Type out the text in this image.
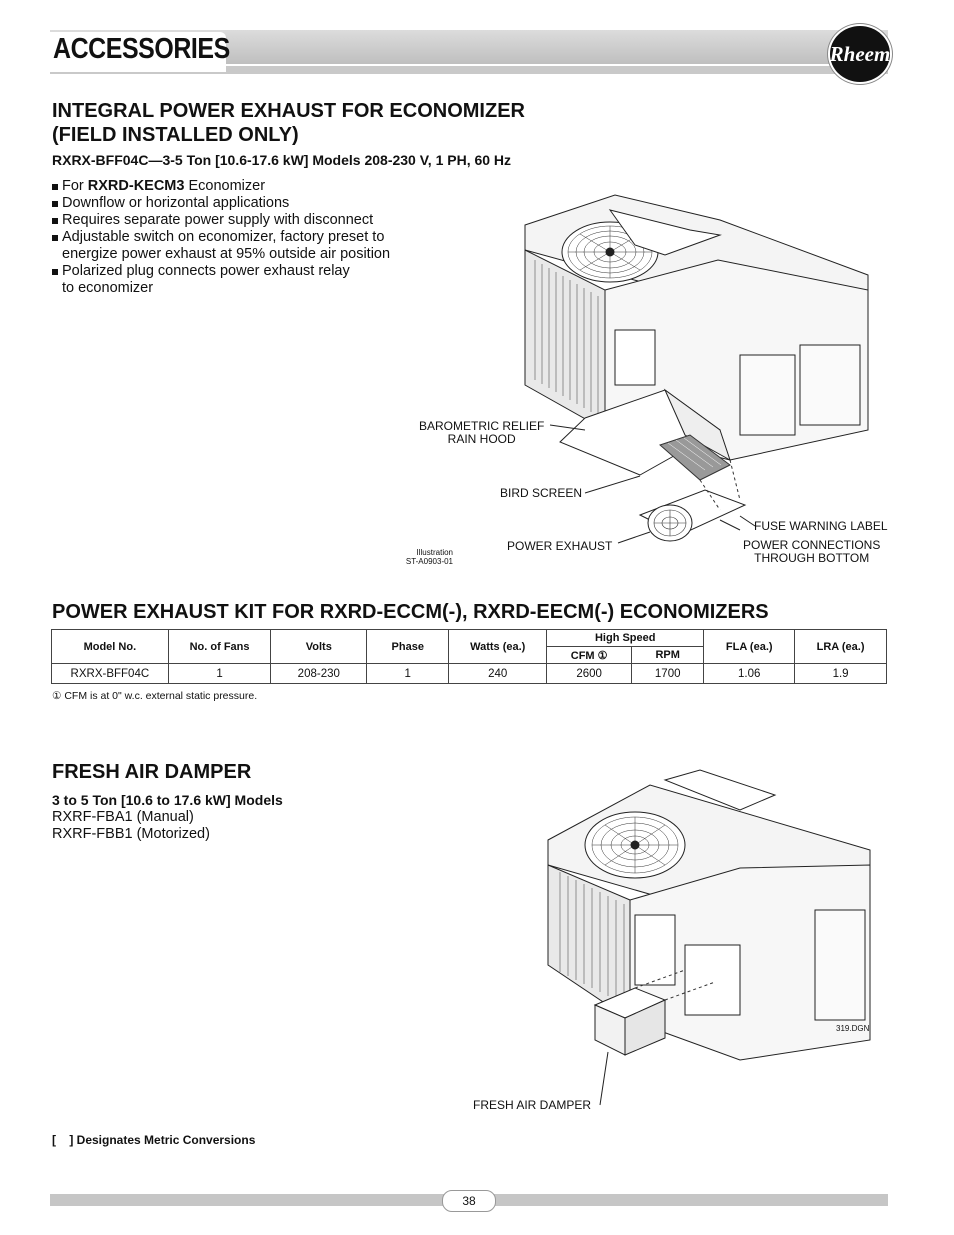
ACCESSORIES	Rheem
INTEGRAL POWER EXHAUST FOR ECONOMIZER
(FIELD INSTALLED ONLY)
RXRX-BFF04C—3-5 Ton [10.6-17.6 kW] Models 208-230 V, 1 PH, 60 Hz
For RXRD-KECM3 Economizer
Downflow or horizontal applications
Requires separate power supply with disconnect
Adjustable switch on economizer, factory preset to
energize power exhaust at 95% outside air position
Polarized plug connects power exhaust relay
to economizer
BAROMETRIC RELIEF
RAIN HOOD
BIRD SCREEN
POWER EXHAUST
FUSE WARNING LABEL
POWER CONNECTIONS
THROUGH BOTTOM
Illustration
ST-A0903-01
POWER EXHAUST KIT FOR RXRD-ECCM(-), RXRD-EECM(-) ECONOMIZERS
Model No.	No. of Fans	Volts	Phase	Watts (ea.)	High Speed		FLA (ea.)	LRA (ea.)
					CFM ①	RPM		
RXRX-BFF04C	1	208-230	1	240	2600	1700	1.06	1.9
① CFM is at 0" w.c. external static pressure.
FRESH AIR DAMPER
3 to 5 Ton [10.6 to 17.6 kW] Models
RXRF-FBA1 (Manual)
RXRF-FBB1 (Motorized)
FRESH AIR DAMPER
319.DGN
[    ] Designates Metric Conversions
38
